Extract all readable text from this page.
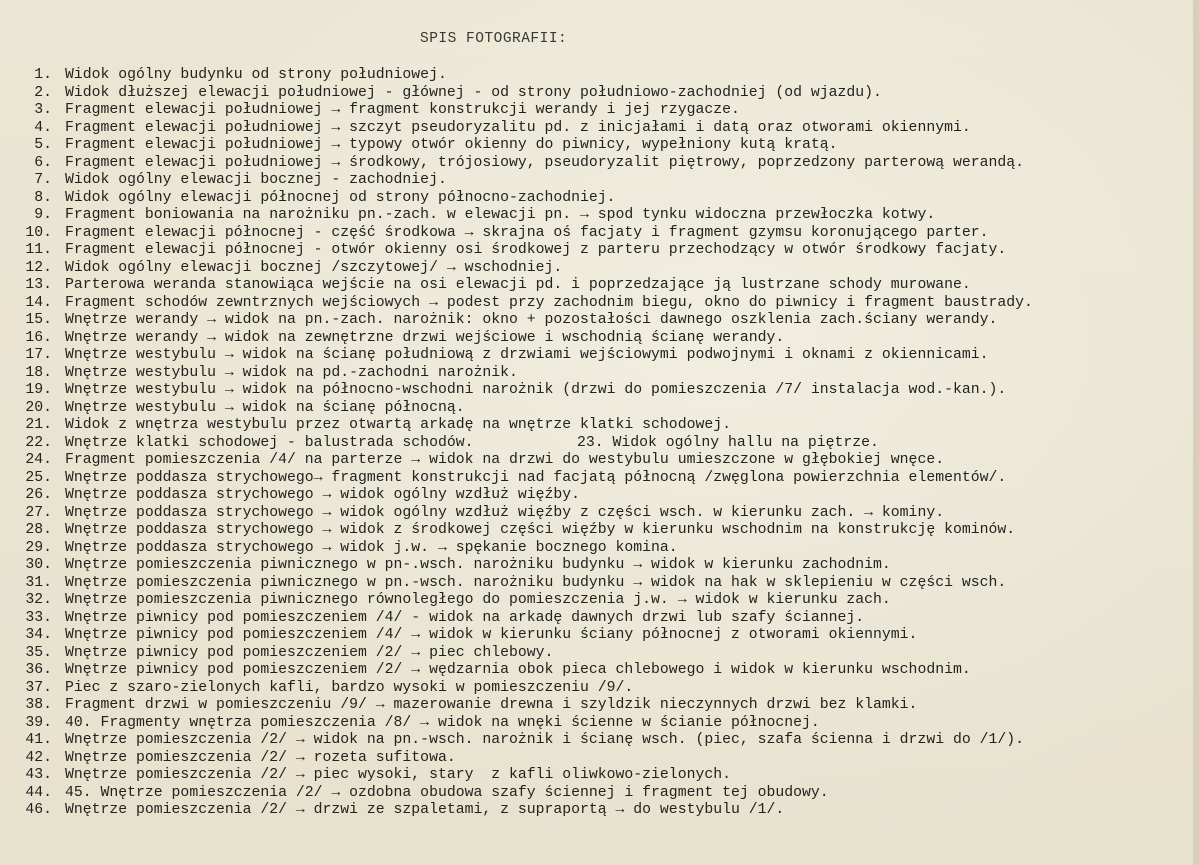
SPIS FOTOGRAFII:
1. Widok ogólny budynku od strony południowej.
2. Widok dłuższej elewacji południowej - głównej - od strony południowo-zachodniej (od wjazdu).
3. Fragment elewacji południowej → fragment konstrukcji werandy i jej rzygacze.
4. Fragment elewacji południowej → szczyt pseudoryzalitu pd. z inicjałami i datą oraz otworami okiennymi.
5. Fragment elewacji południowej → typowy otwór okienny do piwnicy, wypełniony kutą kratą.
6. Fragment elewacji południowej → środkowy, trójosiowy, pseudoryzalit piętrowy, poprzedzony parterową werandą.
7. Widok ogólny elewacji bocznej - zachodniej.
8. Widok ogólny elewacji północnej od strony północno-zachodniej.
9. Fragment boniowania na narożniku pn.-zach. w elewacji pn. → spod tynku widoczna przewłoczka kotwy.
10. Fragment elewacji północnej - część środkowa → skrajna oś facjaty i fragment gzymsu koronującego parter.
11. Fragment elewacji północnej - otwór okienny osi środkowej z parteru przechodzący w otwór środkowy facjaty.
12. Widok ogólny elewacji bocznej /szczytowej/ → wschodniej.
13. Parterowa weranda stanowiąca wejście na osi elewacji pd. i poprzedzające ją lustrzane schody murowane.
14. Fragment schodów zewntrznych wejściowych → podest przy zachodnim biegu, okno do piwnicy i fragment baustrady.
15. Wnętrze werandy → widok na pn.-zach. narożnik: okno + pozostałości dawnego oszklenia zach.ściany werandy.
16. Wnętrze werandy → widok na zewnętrzne drzwi wejściowe i wschodnią ścianę werandy.
17. Wnętrze westybulu → widok na ścianę południową z drzwiami wejściowymi podwojnymi i oknami z okiennicami.
18. Wnętrze westybulu → widok na pd.-zachodni narożnik.
19. Wnętrze westybulu → widok na północno-wschodni narożnik (drzwi do pomieszczenia /7/ instalacja wod.-kan.).
20. Wnętrze westybulu → widok na ścianę północną.
21. Widok z wnętrza westybulu przez otwartą arkadę na wnętrze klatki schodowej.
22. Wnętrze klatki schodowej - balustrada schodów.	23. Widok ogólny hallu na piętrze.
24. Fragment pomieszczenia /4/ na parterze → widok na drzwi do westybulu umieszczone w głębokiej wnęce.
25. Wnętrze poddasza strychowego→ fragment konstrukcji nad facjatą północną /zwęglona powierzchnia elementów/.
26. Wnętrze poddasza strychowego → widok ogólny wzdłuż więźby.
27. Wnętrze poddasza strychowego → widok ogólny wzdłuż więźby z części wsch. w kierunku zach. → kominy.
28. Wnętrze poddasza strychowego → widok z środkowej części więźby w kierunku wschodnim na konstrukcję kominów.
29. Wnętrze poddasza strychowego → widok j.w. → spękanie bocznego komina.
30. Wnętrze pomieszczenia piwnicznego w pn-.wsch. narożniku budynku → widok w kierunku zachodnim.
31. Wnętrze pomieszczenia piwnicznego w pn.-wsch. narożniku budynku → widok na hak w sklepieniu w części wsch.
32. Wnętrze pomieszczenia piwnicznego równoległego do pomieszczenia j.w. → widok w kierunku zach.
33. Wnętrze piwnicy pod pomieszczeniem /4/ - widok na arkadę dawnych drzwi lub szafy ściannej.
34. Wnętrze piwnicy pod pomieszczeniem /4/ → widok w kierunku ściany północnej z otworami okiennymi.
35. Wnętrze piwnicy pod pomieszczeniem /2/ → piec chlebowy.
36. Wnętrze piwnicy pod pomieszczeniem /2/ → wędzarnia obok pieca chlebowego i widok w kierunku wschodnim.
37. Piec z szaro-zielonych kafli, bardzo wysoki w pomieszczeniu /9/.
38. Fragment drzwi w pomieszczeniu /9/ → mazerowanie drewna i szyldzik nieczynnych drzwi bez klamki.
39. 40. Fragmenty wnętrza pomieszczenia /8/ → widok na wnęki ścienne w ścianie północnej.
41. Wnętrze pomieszczenia /2/ → widok na pn.-wsch. narożnik i ścianę wsch. (piec, szafa ścienna i drzwi do /1/).
42. Wnętrze pomieszczenia /2/ → rozeta sufitowa.
43. Wnętrze pomieszczenia /2/ → piec wysoki, stary  z kafli oliwkowo-zielonych.
44. 45. Wnętrze pomieszczenia /2/ → ozdobna obudowa szafy ściennej i fragment tej obudowy.
46. Wnętrze pomieszczenia /2/ → drzwi ze szpaletami, z supraportą → do westybulu /1/.
